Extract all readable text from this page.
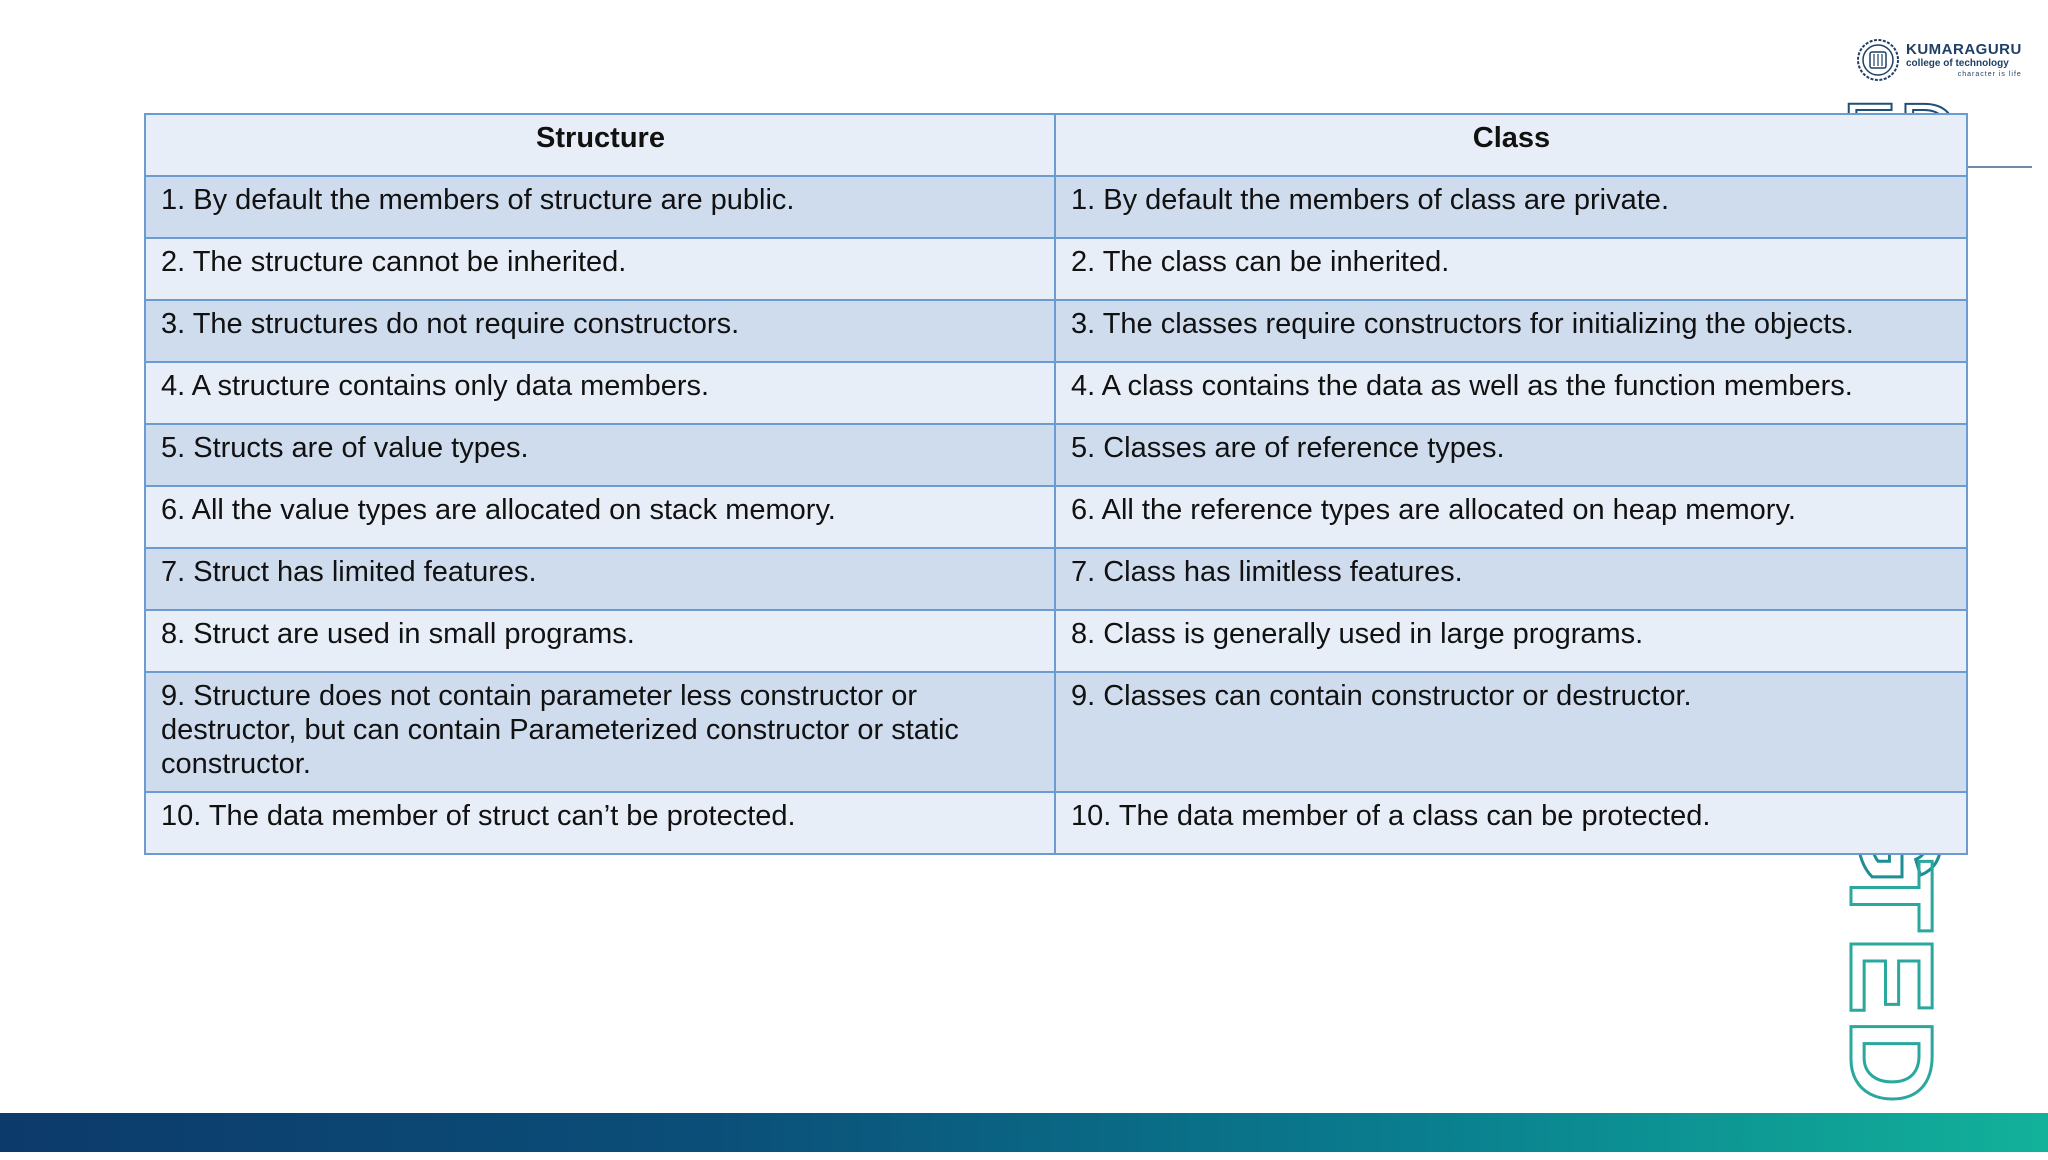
TED
KUMARAGURU
college of technology
character is life
Structure	Class
1. By default the members of structure are public.	1. By default the members of class are private.
2. The structure cannot be inherited.	2. The class can be inherited.
3. The structures do not require constructors.	3. The classes require constructors for initializing the objects.
4. A structure contains only data members.	4. A class contains the data as well as the function members.
5. Structs are of value types.	5. Classes are of reference types.
6. All the value types are allocated on stack memory.	6. All the reference types are allocated on heap memory.
7. Struct has limited features.	7. Class has limitless features.
8. Struct are used in small programs.	8. Class is generally used in large programs.
9. Structure does not contain parameter less constructor or destructor, but can contain Parameterized constructor or static constructor.	9. Classes can contain constructor or destructor.
10. The data member of struct can’t be protected.	10. The data member of a class can be protected.
